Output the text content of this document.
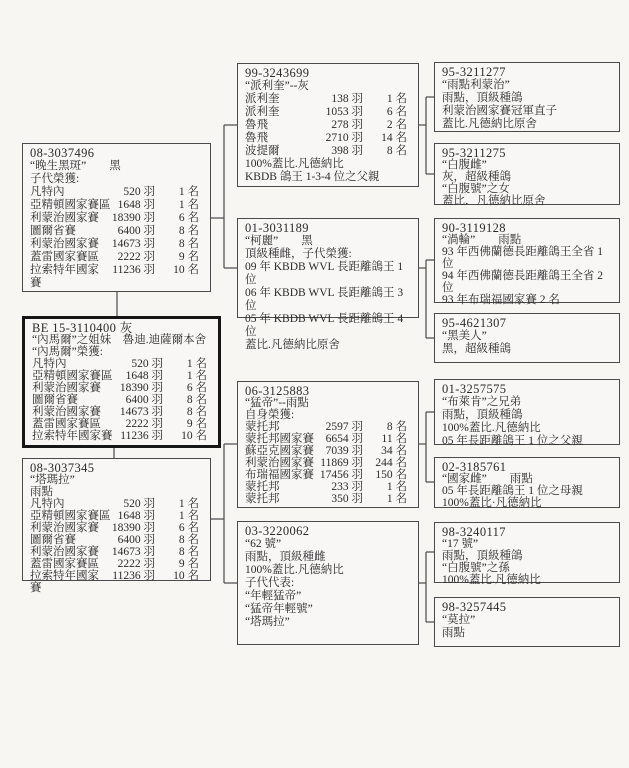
08-3037496
“晚生黑斑”　　黑
子代榮獲:
凡特內	520 羽	1 名
亞精頓國家賽區 1648 羽	1 名
利蒙治國家賽	18390 羽	6 名
圖爾省賽	6400 羽	8 名
利蒙治國家賽	14673 羽	8 名
蓋雷國家賽區	2222 羽	9 名
拉索特年國家賽
11236 羽	10 名
BE 15-3110400 灰
“內馬爾”之姐妹　魯迪.迪薩爾本舍
“內馬爾”榮獲:
凡特內	520 羽	1 名
亞精頓國家賽區	1648 羽	1 名
利蒙治國家賽	18390 羽	6 名
圖爾省賽	6400 羽	8 名
利蒙治國家賽	14673 羽	8 名
蓋雷國家賽區	2222 羽	9 名
拉索特年國家賽 11236 羽	10 名
08-3037345
“塔瑪拉”
雨點
凡特內	520 羽	1 名
亞精頓國家賽區 1648 羽	1 名
利蒙治國家賽	18390 羽	6 名
圖爾省賽	6400 羽	8 名
利蒙治國家賽	14673 羽	8 名
蓋雷國家賽區	2222 羽	9 名
拉索特年國家賽
11236 羽	10 名
99-3243699
“派利奎”--灰
派利奎	138 羽	1 名
派利奎	1053 羽	6 名
魯飛	278 羽	2 名
魯飛	2710 羽	14 名
波提爾	398 羽	8 名
100%蓋比.凡德納比
KBDB 鴿王 1-3-4 位之父親
01-3031189
“柯麗”　　黑
頂級種雌，子代榮獲:
09 年 KBDB WVL 長距離鴿王 1 位
06 年 KBDB WVL 長距離鴿王 3 位
05 年 KBDB WVL 長距離鴿王 4 位
蓋比.凡德納比原舍
06-3125883
“猛帝”--雨點
自身榮獲:
蒙托邦	2597 羽	8 名
蒙托邦國家賽	6654 羽	11 名
蘇亞克國家賽	7039 羽	34 名
利蒙治國家賽 11869 羽	244 名
布瑞福國家賽 17456 羽	150 名
蒙托邦	233 羽	1 名
蒙托邦	350 羽	1 名
03-3220062
“62 號”
雨點，頂級種雌
100%蓋比.凡德納比
子代代表:
“年輕猛帝”
“猛帝年輕號”
“塔瑪拉”
95-3211277
“雨點利蒙治”
雨點，頂級種鴿
利蒙治國家賽冠軍直子
蓋比.凡德納比原舍
95-3211275
“白腹雌”
灰，超級種鴿
“白腹號”之女
蓋比．凡德納比原舍
90-3119128
“渦輪”　　雨點
93 年西佛蘭德長距離鴿王全省 1 位
94 年西佛蘭德長距離鴿王全省 2 位
93 年布瑞福國家賽 2 名
95-4621307
“黑美人”
黑，超級種鴿
01-3257575
“布萊肯”之兄弟
雨點，頂級種鴿
100%蓋比.凡德納比
05 年長距離鴿王 1 位之父親
02-3185761
“國家雌”　　雨點
05 年長距離鴿王 1 位之母親
100%蓋比·凡德納比
98-3240117
“17 號”
雨點，頂級種鴿
“白腹號”之孫
100%蓋比.凡德納比
98-3257445
“莫拉”
雨點
